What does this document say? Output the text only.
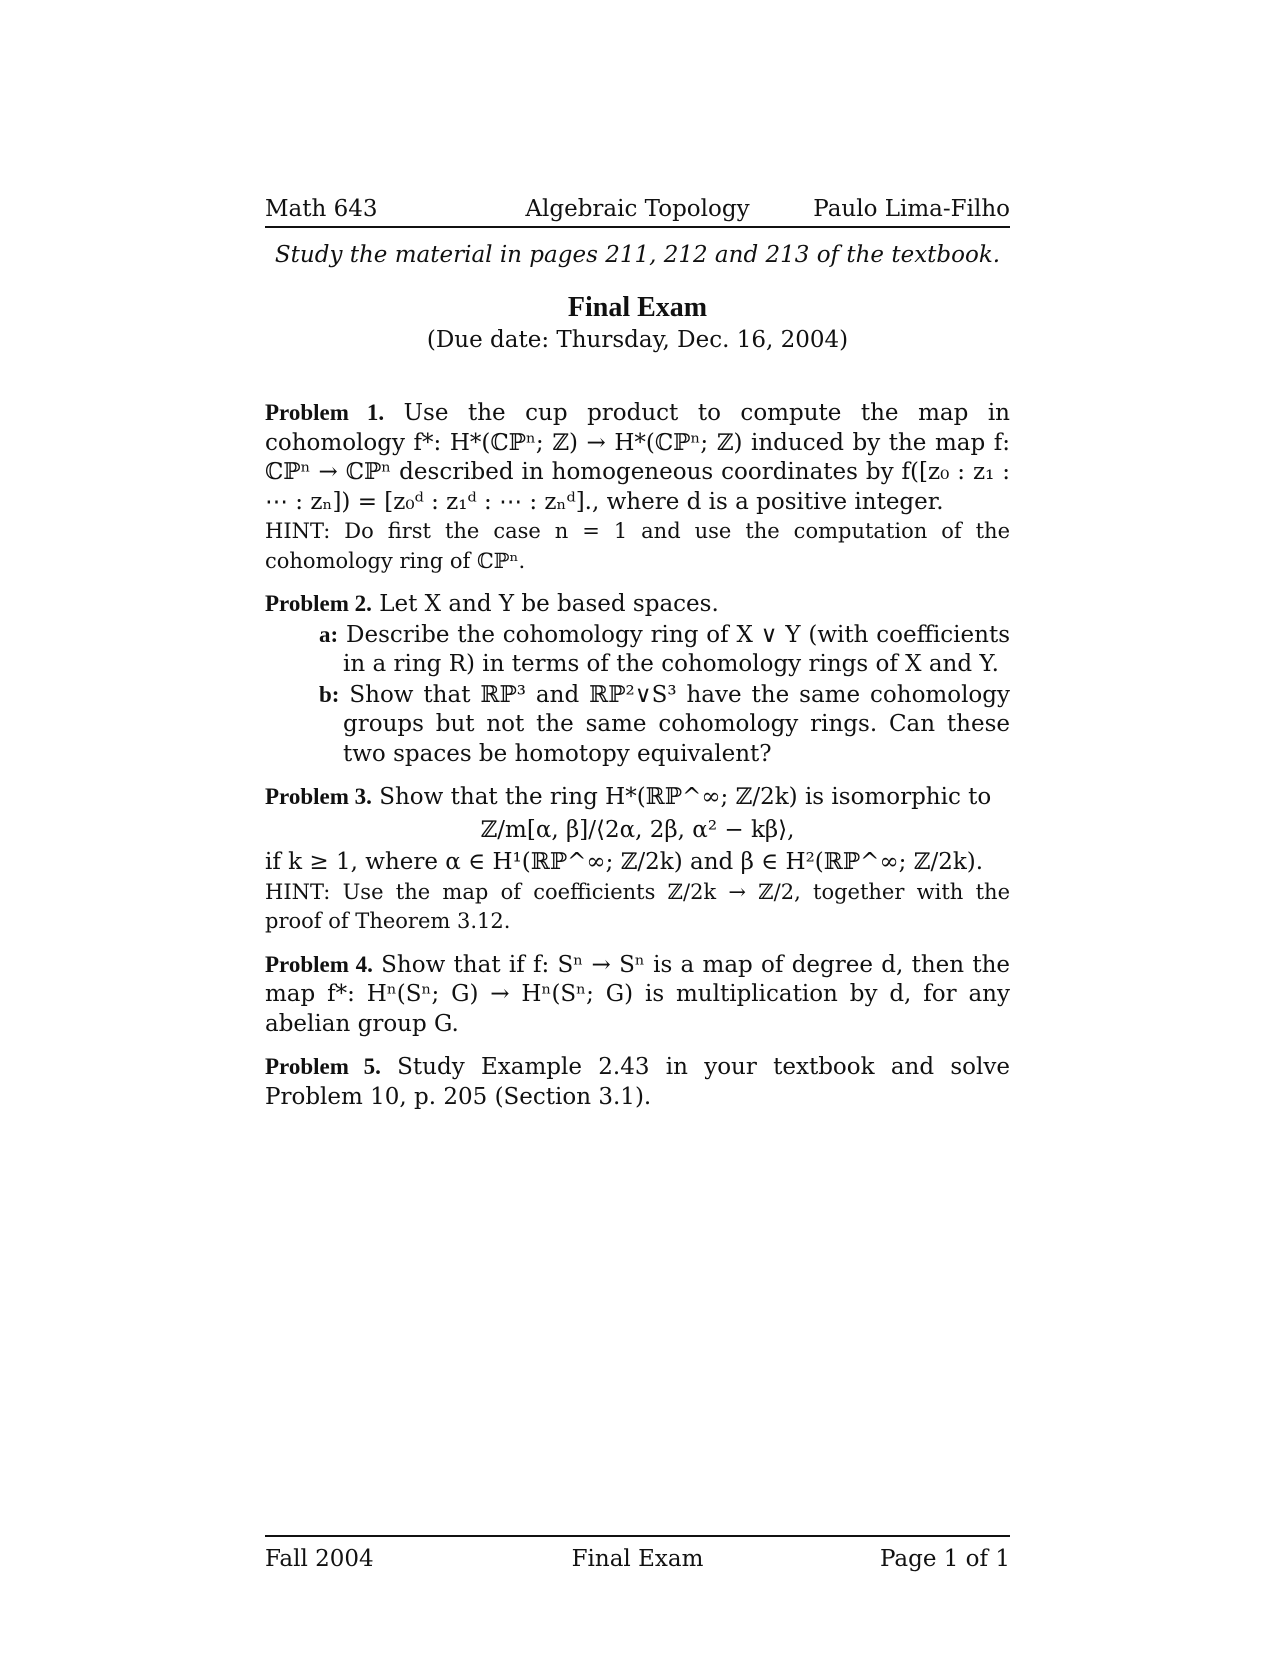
Math 643	Algebraic Topology	Paulo Lima-Filho
Study the material in pages 211, 212 and 213 of the textbook.
Final Exam
(Due date: Thursday, Dec. 16, 2004)
Problem 1. Use the cup product to compute the map in cohomology f*: H*(ℂℙⁿ; ℤ) → H*(ℂℙⁿ; ℤ) induced by the map f: ℂℙⁿ → ℂℙⁿ described in homogeneous coordinates by f([z₀ : z₁ : ⋯ : zₙ]) = [z₀ᵈ : z₁ᵈ : ⋯ : zₙᵈ]., where d is a positive integer.
HINT: Do first the case n = 1 and use the computation of the cohomology ring of ℂℙⁿ.
Problem 2. Let X and Y be based spaces.
a: Describe the cohomology ring of X ∨ Y (with coefficients in a ring R) in terms of the cohomology rings of X and Y.
b: Show that ℝℙ³ and ℝℙ²∨S³ have the same cohomology groups but not the same cohomology rings. Can these two spaces be homotopy equivalent?
Problem 3. Show that the ring H*(ℝℙ^∞; ℤ/2k) is isomorphic to
ℤ/m[α, β]/⟨2α, 2β, α² − kβ⟩,
if k ≥ 1, where α ∈ H¹(ℝℙ^∞; ℤ/2k) and β ∈ H²(ℝℙ^∞; ℤ/2k).
HINT: Use the map of coefficients ℤ/2k → ℤ/2, together with the proof of Theorem 3.12.
Problem 4. Show that if f: Sⁿ → Sⁿ is a map of degree d, then the map f*: Hⁿ(Sⁿ; G) → Hⁿ(Sⁿ; G) is multiplication by d, for any abelian group G.
Problem 5. Study Example 2.43 in your textbook and solve Problem 10, p. 205 (Section 3.1).
Fall 2004	Final Exam	Page 1 of 1
